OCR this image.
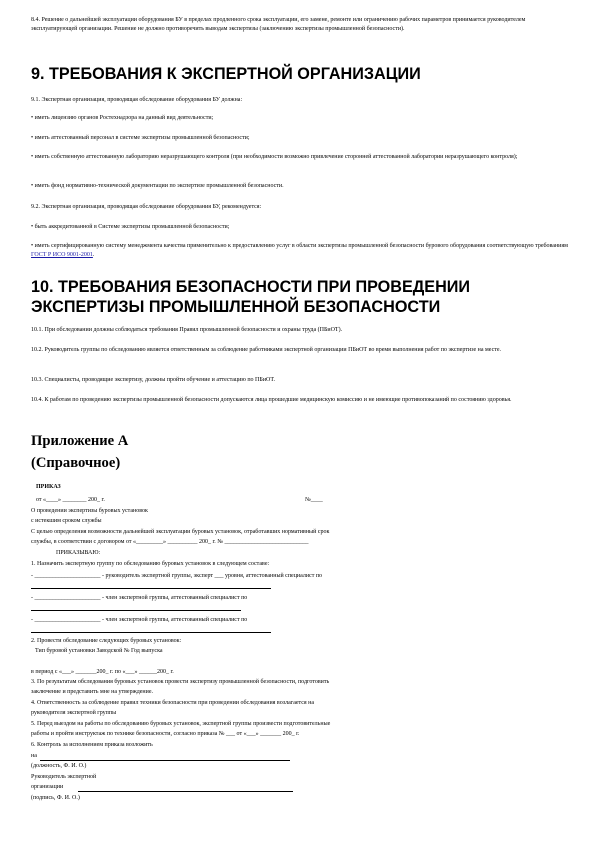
8.4. Решение о дальнейшей эксплуатации оборудования БУ в пределах продленного срока эксплуатации, его замене, ремонте или ограничению рабочих параметров принимается руководителем эксплуатирующей организации. Решение не должно противоречить выводам экспертизы (заключению экспертизы промышленной безопасности).

9. ТРЕБОВАНИЯ К ЭКСПЕРТНОЙ ОРГАНИЗАЦИИ

9.1. Экспертная организация, проводящая обследование оборудования БУ должна:

• иметь лицензию органов Ростехнадзора на данный вид деятельности;

• иметь аттестованный персонал в системе экспертизы промышленной безопасности;

• иметь собственную аттестованную лабораторию неразрушающего контроля (при необходимости возможно привлечение сторонней аттестованной лаборатории неразрушающего контроля);

• иметь фонд нормативно-технической документации по экспертизе промышленной безопасности.

9.2. Экспертная организация, проводящая обследование оборудования БУ, рекомендуется:

• быть аккредитованной в Системе экспертизы промышленной безопасности;

• иметь сертифицированную систему менеджмента качества применительно к предоставлению услуг в области экспертизы промышленной безопасности бурового оборудования соответствующую требованиям ГОСТ Р ИСО 9001-2001.

10. ТРЕБОВАНИЯ БЕЗОПАСНОСТИ ПРИ ПРОВЕДЕНИИ ЭКСПЕРТИЗЫ ПРОМЫШЛЕННОЙ БЕЗОПАСНОСТИ

10.1. При обследовании должны соблюдаться требования Правил промышленной безопасности и охраны труда (ПБиОТ).

10.2. Руководитель группы по обследованию является ответственным за соблюдение работниками экспертной организации ПБиОТ во время выполнения работ по экспертизе на месте.

10.3. Специалисты, проводящие экспертизу, должны пройти обучение и аттестацию по ПБиОТ.

10.4. К работам по проведению экспертизы промышленной безопасности допускаются лица прошедшие медицинскую комиссию и не имеющие противопоказаний по состоянию здоровья.

Приложение А
(Справочное)
ПРИКАЗ
от «____» ________ 200_ г.	№____
О проведении экспертизы буровых установок
с истекшим сроком службы
С целью определения возможности дальнейшей эксплуатации буровых установок, отработавших нормативный срок
службы, в соответствии с договором от «_________» __________ 200_ г. № ____________________________
ПРИКАЗЫВАЮ:
1. Назначить экспертную группу по обследованию буровых установок в следующем составе:
- ______________________ - руководитель экспертной группы, эксперт ___ уровня, аттестованный специалист по
- ______________________ - член экспертной группы, аттестованный специалист по
- ______________________ - член экспертной группы, аттестованный специалист по
2. Провести обследование следующих буровых установок:
Тип буровой установки Заводской № Год выпуска
в период с «___» _______200_ г. по «___» ______200_ г.
3. По результатам обследования буровых установок провести экспертизу промышленной безопасности, подготовить
заключение и представить мне на утверждение.
4. Ответственность за соблюдение правил техники безопасности при проведении обследования возлагается на
руководителя экспертной группы
5. Перед выездом на работы по обследованию буровых установок, экспертной группы произвести подготовительные
работы и пройти инструктаж по технике безопасности, согласно приказа № ___ от «___» _______ 200_ г.
6. Контроль за исполнением приказа возложить
на
(должность, Ф. И. О.)
Руководитель экспертной
организации
(подпись, Ф. И. О.)
